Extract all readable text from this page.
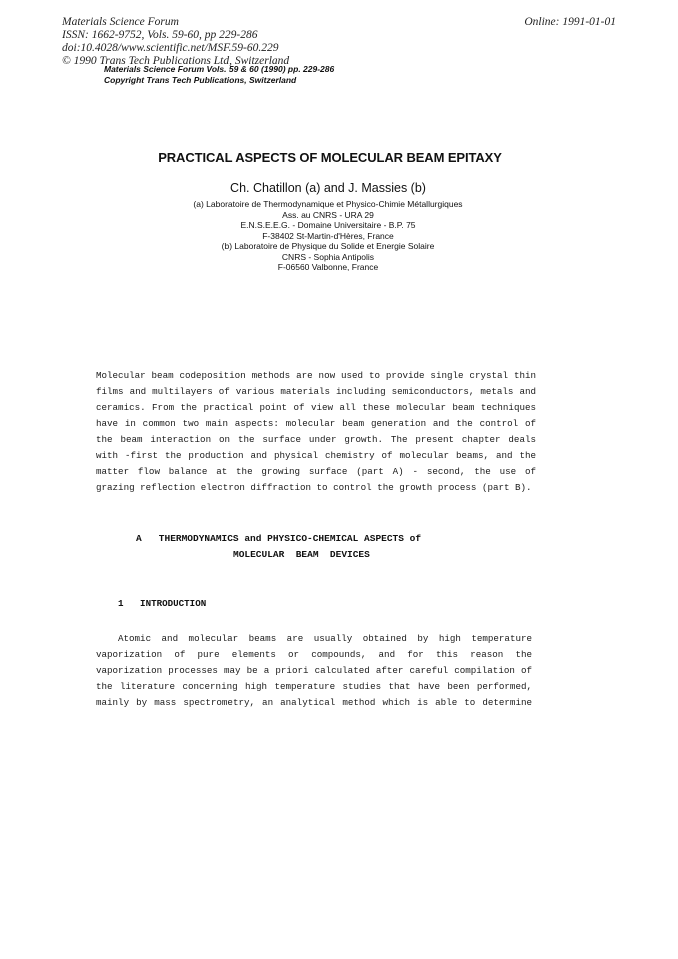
Materials Science Forum
ISSN: 1662-9752, Vols. 59-60, pp 229-286
doi:10.4028/www.scientific.net/MSF.59-60.229
© 1990 Trans Tech Publications Ltd, Switzerland
Online: 1991-01-01
Materials Science Forum Vols. 59 & 60 (1990) pp. 229-286
Copyright Trans Tech Publications, Switzerland
PRACTICAL ASPECTS OF MOLECULAR BEAM EPITAXY
Ch. Chatillon (a) and J. Massies (b)
(a) Laboratoire de Thermodynamique et Physico-Chimie Métallurgiques
Ass. au CNRS - URA 29
E.N.S.E.E.G. - Domaine Universitaire - B.P. 75
F-38402 St-Martin-d'Hères, France
(b) Laboratoire de Physique du Solide et Energie Solaire
CNRS - Sophia Antipolis
F-06560 Valbonne, France
Molecular beam codeposition methods are now used to provide single crystal thin
films and multilayers of various materials including semiconductors, metals and
ceramics. From the practical point of view all these molecular beam techniques
have in common two main aspects: molecular beam generation and the control of
the beam interaction on the surface under growth. The present chapter deals
with -first the production and physical chemistry of molecular beams, and the
matter flow balance at the growing surface (part A) - second, the use of
grazing reflection electron diffraction to control the growth process (part B).
A   THERMODYNAMICS and PHYSICO-CHEMICAL ASPECTS of
MOLECULAR  BEAM  DEVICES
1   INTRODUCTION
Atomic and molecular beams are usually obtained by high temperature
vaporization of pure elements or compounds, and for this reason the
vaporization processes may be a priori calculated after careful compilation of
the literature concerning high temperature studies that have been performed,
mainly by mass spectrometry, an analytical method which is able to determine
